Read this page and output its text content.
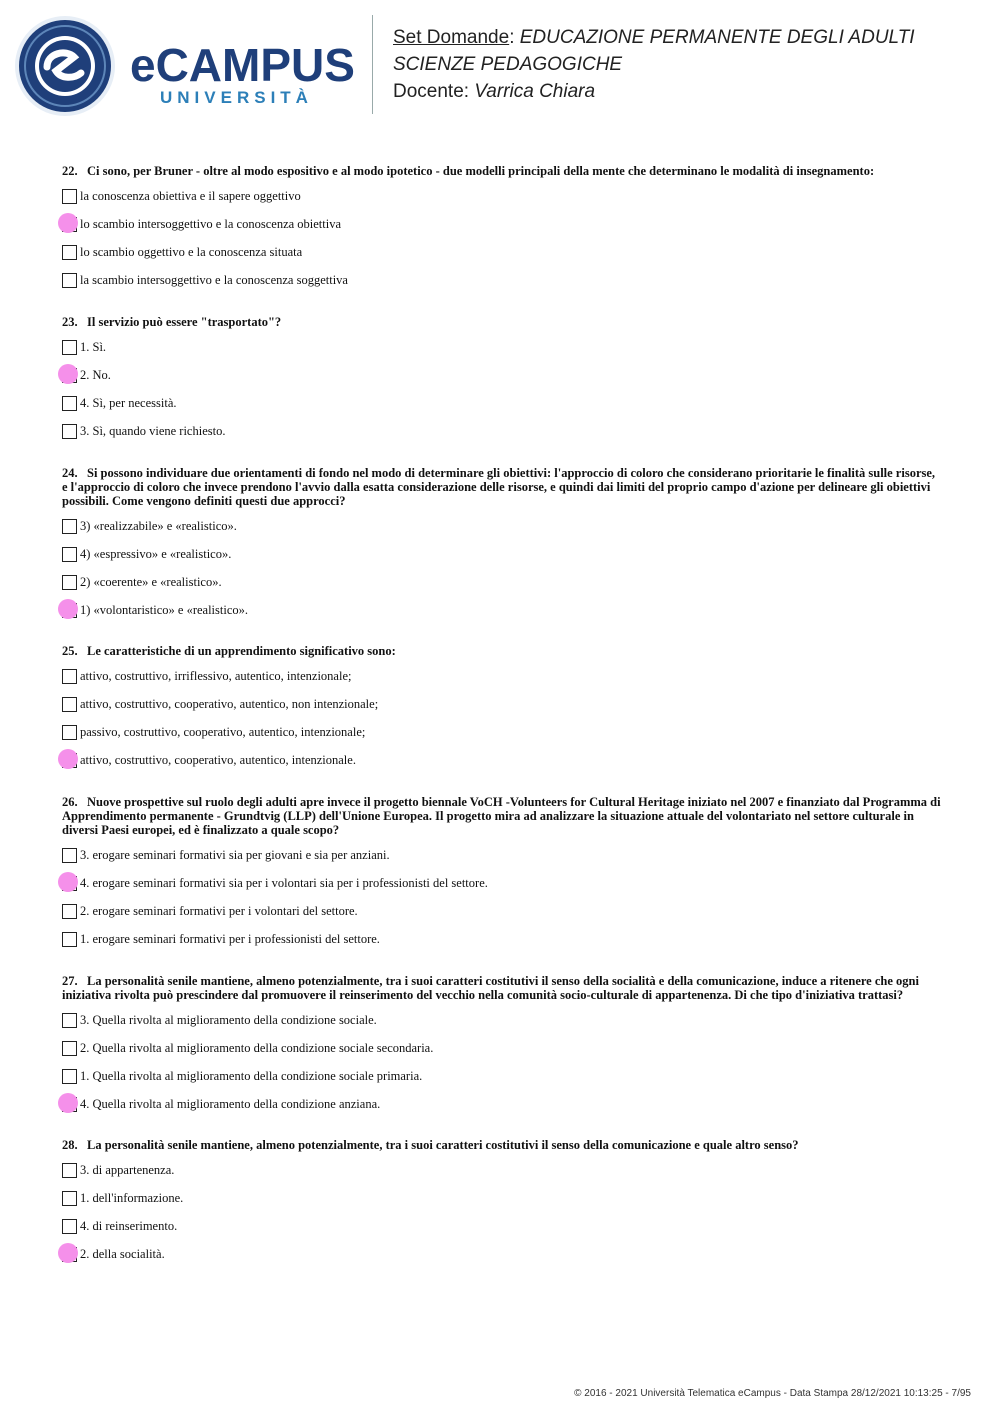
eCAMPUS
UNIVERSITÀ
Set Domande: EDUCAZIONE PERMANENTE DEGLI ADULTI
SCIENZE PEDAGOGICHE
Docente: Varrica Chiara
22. Ci sono, per Bruner - oltre al modo espositivo e al modo ipotetico - due modelli principali della mente che determinano le modalità di insegnamento:
la conoscenza obiettiva e il sapere oggettivo
lo scambio intersoggettivo e la conoscenza obiettiva
lo scambio oggettivo e la conoscenza situata
la scambio intersoggettivo e la conoscenza soggettiva
23. Il servizio può essere "trasportato"?
1. Sì.
2. No.
4. Sì, per necessità.
3. Sì, quando viene richiesto.
24. Si possono individuare due orientamenti di fondo nel modo di determinare gli obiettivi: l'approccio di coloro che considerano prioritarie le finalità sulle risorse, e l'approccio di coloro che invece prendono l'avvio dalla esatta considerazione delle risorse, e quindi dai limiti del proprio campo d'azione per delineare gli obiettivi possibili. Come vengono definiti questi due approcci?
3) «realizzabile» e «realistico».
4) «espressivo» e «realistico».
2) «coerente» e «realistico».
1) «volontaristico» e «realistico».
25. Le caratteristiche di un apprendimento significativo sono:
attivo, costruttivo, irriflessivo, autentico, intenzionale;
attivo, costruttivo, cooperativo, autentico, non intenzionale;
passivo, costruttivo, cooperativo, autentico, intenzionale;
attivo, costruttivo, cooperativo, autentico, intenzionale.
26. Nuove prospettive sul ruolo degli adulti apre invece il progetto biennale VoCH -Volunteers for Cultural Heritage iniziato nel 2007 e finanziato dal Programma di Apprendimento permanente - Grundtvig (LLP) dell'Unione Europea. Il progetto mira ad analizzare la situazione attuale del volontariato nel settore culturale in diversi Paesi europei, ed è finalizzato a quale scopo?
3. erogare seminari formativi sia per giovani e sia per anziani.
4. erogare seminari formativi sia per i volontari sia per i professionisti del settore.
2. erogare seminari formativi per i volontari del settore.
1. erogare seminari formativi per i professionisti del settore.
27. La personalità senile mantiene, almeno potenzialmente, tra i suoi caratteri costitutivi il senso della socialità e della comunicazione, induce a ritenere che ogni iniziativa rivolta può prescindere dal promuovere il reinserimento del vecchio nella comunità socio-culturale di appartenenza. Di che tipo d'iniziativa trattasi?
3. Quella rivolta al miglioramento della condizione sociale.
2. Quella rivolta al miglioramento della condizione sociale secondaria.
1. Quella rivolta al miglioramento della condizione sociale primaria.
4. Quella rivolta al miglioramento della condizione anziana.
28. La personalità senile mantiene, almeno potenzialmente, tra i suoi caratteri costitutivi il senso della comunicazione e quale altro senso?
3. di appartenenza.
1. dell'informazione.
4. di reinserimento.
2. della socialità.
© 2016 - 2021 Università Telematica eCampus - Data Stampa 28/12/2021 10:13:25 - 7/95
